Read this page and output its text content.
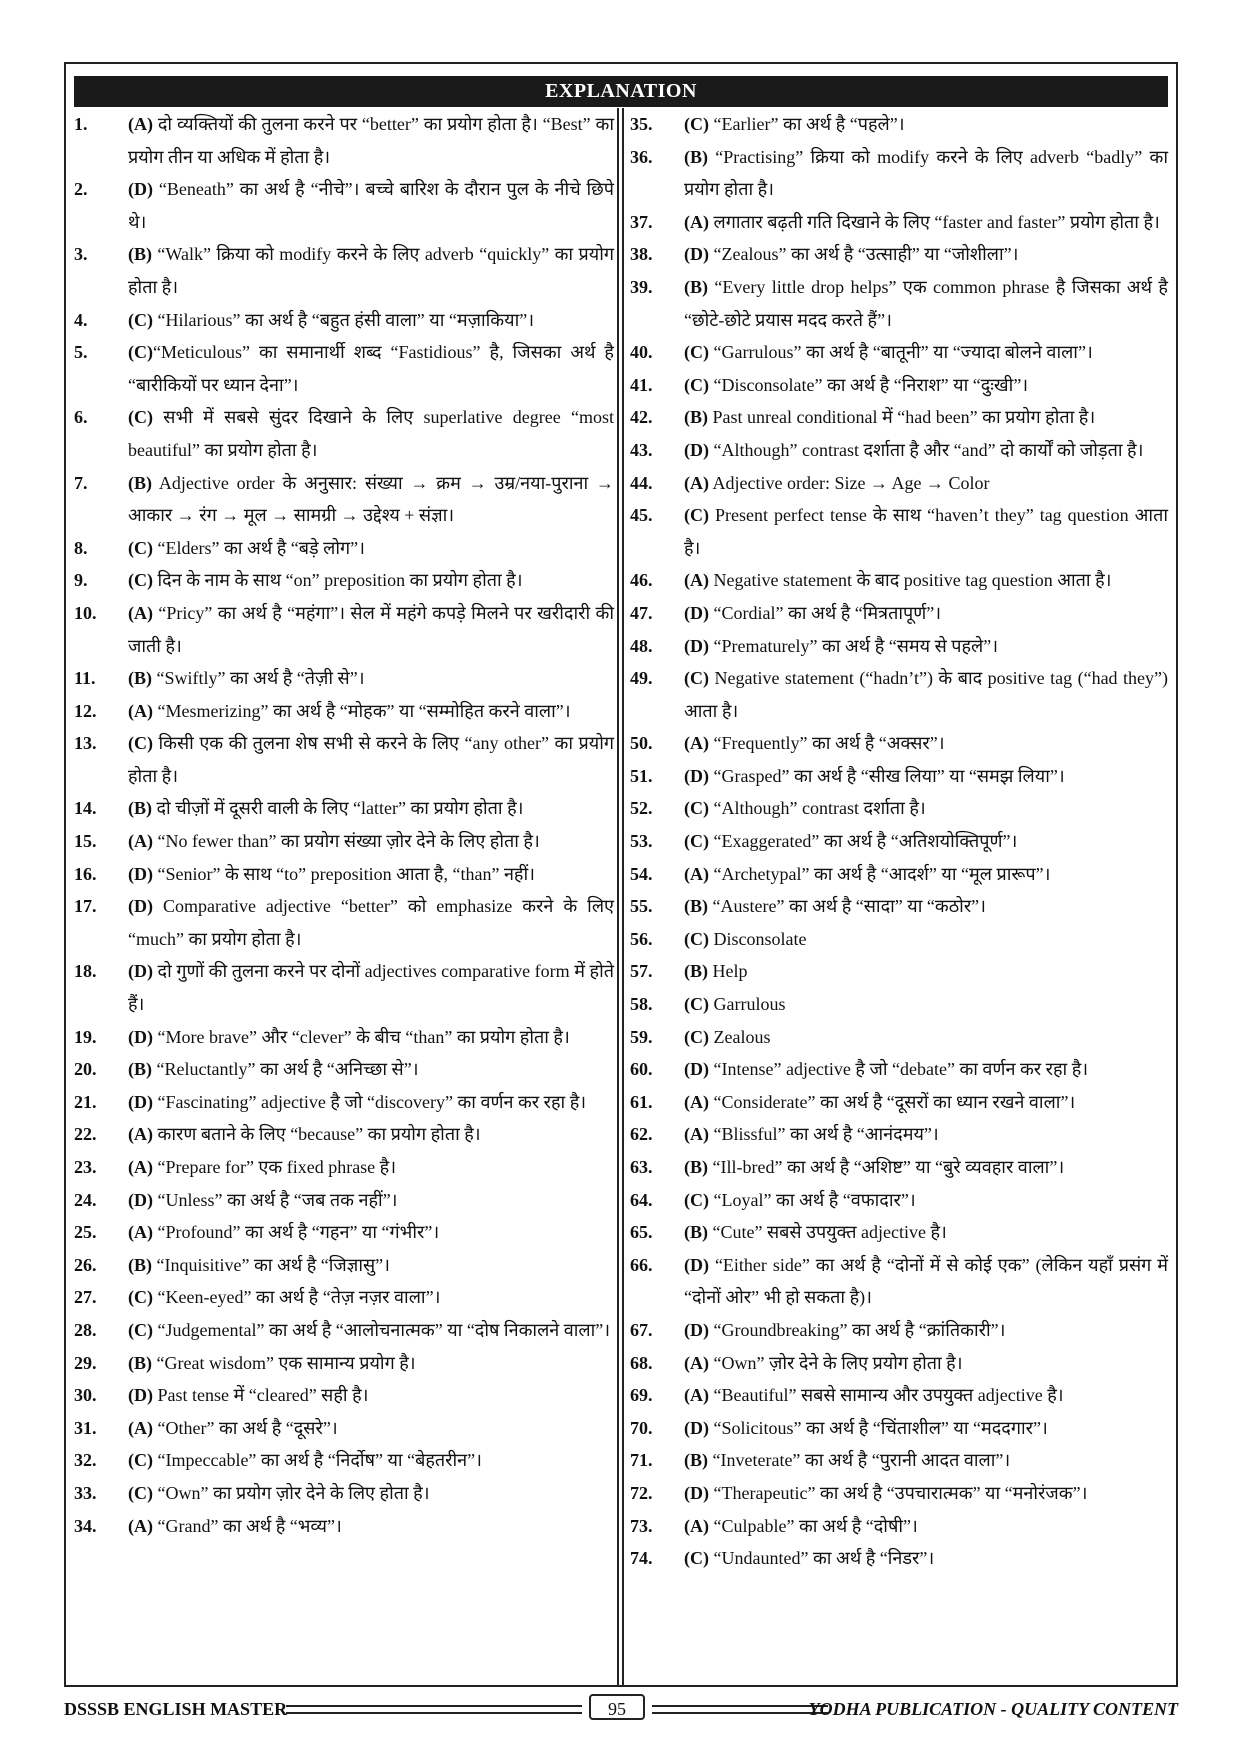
EXPLANATION
1.	(A) दो व्यक्तियों की तुलना करने पर “better” का प्रयोग होता है। “Best” का प्रयोग तीन या अधिक में होता है।
2.	(D) “Beneath” का अर्थ है “नीचे”। बच्चे बारिश के दौरान पुल के नीचे छिपे थे।
3.	(B) “Walk” क्रिया को modify करने के लिए adverb “quickly” का प्रयोग होता है।
4.	(C) “Hilarious” का अर्थ है “बहुत हंसी वाला” या “मज़ाकिया”।
5.	(C)“Meticulous” का समानार्थी शब्द “Fastidious” है, जिसका अर्थ है “बारीकियों पर ध्यान देना”।
6.	(C) सभी में सबसे सुंदर दिखाने के लिए superlative degree “most beautiful” का प्रयोग होता है।
7.	(B) Adjective order के अनुसार: संख्या → क्रम → उम्र/नया-पुराना → आकार → रंग → मूल → सामग्री → उद्देश्य + संज्ञा।
8.	(C) “Elders” का अर्थ है “बड़े लोग”।
9.	(C) दिन के नाम के साथ “on” preposition का प्रयोग होता है।
10.	(A) “Pricy” का अर्थ है “महंगा”। सेल में महंगे कपड़े मिलने पर खरीदारी की जाती है।
11.	(B) “Swiftly” का अर्थ है “तेज़ी से”।
12.	(A) “Mesmerizing” का अर्थ है “मोहक” या “सम्मोहित करने वाला”।
13.	(C) किसी एक की तुलना शेष सभी से करने के लिए “any other” का प्रयोग होता है।
14.	(B) दो चीज़ों में दूसरी वाली के लिए “latter” का प्रयोग होता है।
15.	(A) “No fewer than” का प्रयोग संख्या ज़ोर देने के लिए होता है।
16.	(D) “Senior” के साथ “to” preposition आता है, “than” नहीं।
17.	(D) Comparative adjective “better” को emphasize करने के लिए “much” का प्रयोग होता है।
18.	(D) दो गुणों की तुलना करने पर दोनों adjectives comparative form में होते हैं।
19.	(D) “More brave” और “clever” के बीच “than” का प्रयोग होता है।
20.	(B) “Reluctantly” का अर्थ है “अनिच्छा से”।
21.	(D) “Fascinating” adjective है जो “discovery” का वर्णन कर रहा है।
22.	(A) कारण बताने के लिए “because” का प्रयोग होता है।
23.	(A) “Prepare for” एक fixed phrase है।
24.	(D) “Unless” का अर्थ है “जब तक नहीं”।
25.	(A) “Profound” का अर्थ है “गहन” या “गंभीर”।
26.	(B) “Inquisitive” का अर्थ है “जिज्ञासु”।
27.	(C) “Keen-eyed” का अर्थ है “तेज़ नज़र वाला”।
28.	(C) “Judgemental” का अर्थ है “आलोचनात्मक” या “दोष निकालने वाला”।
29.	(B) “Great wisdom” एक सामान्य प्रयोग है।
30.	(D) Past tense में “cleared” सही है।
31.	(A) “Other” का अर्थ है “दूसरे”।
32.	(C) “Impeccable” का अर्थ है “निर्दोष” या “बेहतरीन”।
33.	(C) “Own” का प्रयोग ज़ोर देने के लिए होता है।
34.	(A) “Grand” का अर्थ है “भव्य”।
35.	(C) “Earlier” का अर्थ है “पहले”।
36.	(B) “Practising” क्रिया को modify करने के लिए adverb “badly” का प्रयोग होता है।
37.	(A) लगातार बढ़ती गति दिखाने के लिए “faster and faster” प्रयोग होता है।
38.	(D) “Zealous” का अर्थ है “उत्साही” या “जोशीला”।
39.	(B) “Every little drop helps” एक common phrase है जिसका अर्थ है “छोटे-छोटे प्रयास मदद करते हैं”।
40.	(C) “Garrulous” का अर्थ है “बातूनी” या “ज्यादा बोलने वाला”।
41.	(C) “Disconsolate” का अर्थ है “निराश” या “दुःखी”।
42.	(B) Past unreal conditional में “had been” का प्रयोग होता है।
43.	(D) “Although” contrast दर्शाता है और “and” दो कार्यों को जोड़ता है।
44.	(A) Adjective order: Size → Age → Color
45.	(C) Present perfect tense के साथ “haven’t they” tag question आता है।
46.	(A) Negative statement के बाद positive tag question आता है।
47.	(D) “Cordial” का अर्थ है “मित्रतापूर्ण”।
48.	(D) “Prematurely” का अर्थ है “समय से पहले”।
49.	(C) Negative statement (“hadn’t”) के बाद positive tag (“had they”) आता है।
50.	(A) “Frequently” का अर्थ है “अक्सर”।
51.	(D) “Grasped” का अर्थ है “सीख लिया” या “समझ लिया”।
52.	(C) “Although” contrast दर्शाता है।
53.	(C) “Exaggerated” का अर्थ है “अतिशयोक्तिपूर्ण”।
54.	(A) “Archetypal” का अर्थ है “आदर्श” या “मूल प्रारूप”।
55.	(B) “Austere” का अर्थ है “सादा” या “कठोर”।
56.	(C) Disconsolate
57.	(B) Help
58.	(C) Garrulous
59.	(C) Zealous
60.	(D) “Intense” adjective है जो “debate” का वर्णन कर रहा है।
61.	(A) “Considerate” का अर्थ है “दूसरों का ध्यान रखने वाला”।
62.	(A) “Blissful” का अर्थ है “आनंदमय”।
63.	(B) “Ill-bred” का अर्थ है “अशिष्ट” या “बुरे व्यवहार वाला”।
64.	(C) “Loyal” का अर्थ है “वफादार”।
65.	(B) “Cute” सबसे उपयुक्त adjective है।
66.	(D) “Either side” का अर्थ है “दोनों में से कोई एक” (लेकिन यहाँ प्रसंग में “दोनों ओर” भी हो सकता है)।
67.	(D) “Groundbreaking” का अर्थ है “क्रांतिकारी”।
68.	(A) “Own” ज़ोर देने के लिए प्रयोग होता है।
69.	(A) “Beautiful” सबसे सामान्य और उपयुक्त adjective है।
70.	(D) “Solicitous” का अर्थ है “चिंताशील” या “मददगार”।
71.	(B) “Inveterate” का अर्थ है “पुरानी आदत वाला”।
72.	(D) “Therapeutic” का अर्थ है “उपचारात्मक” या “मनोरंजक”।
73.	(A) “Culpable” का अर्थ है “दोषी”।
74.	(C) “Undaunted” का अर्थ है “निडर”।
DSSSB ENGLISH MASTER	95	YODHA PUBLICATION - QUALITY CONTENT
